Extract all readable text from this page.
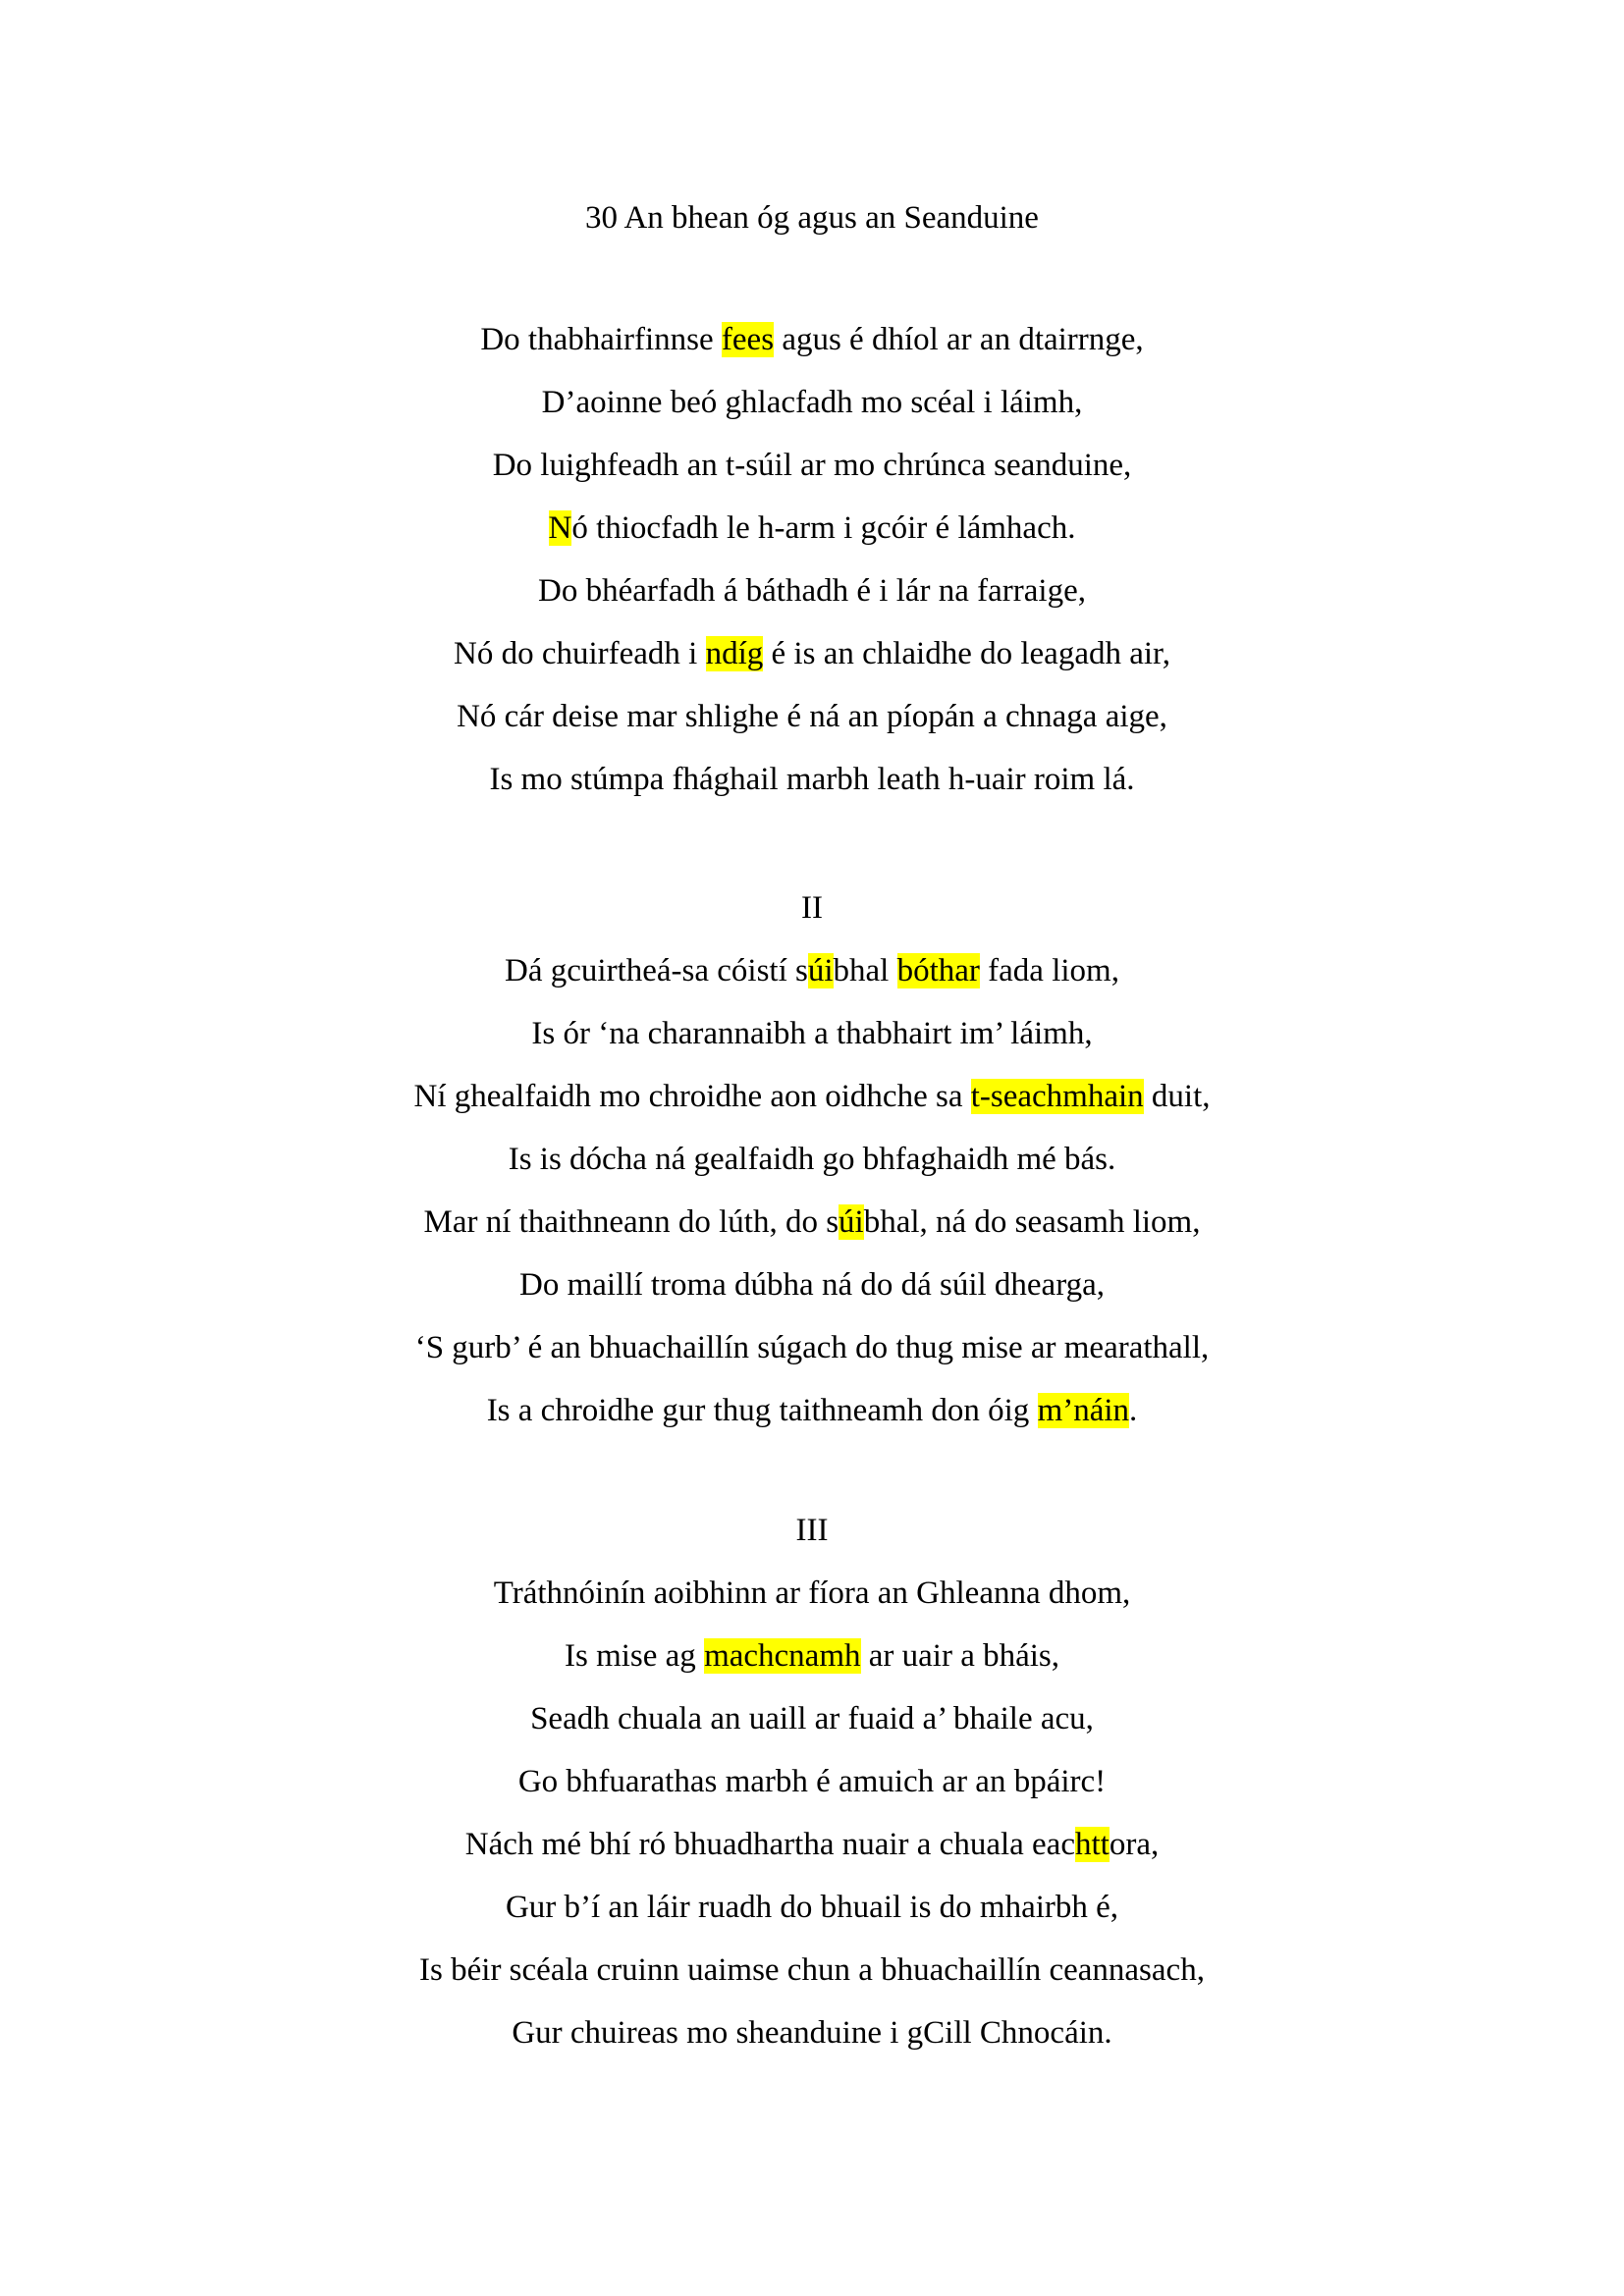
30 An bhean óg agus an Seanduine
Do thabhairfinnse fees agus é dhíol ar an dtairrnge,
D’aoinne beó ghlacfadh mo scéal i láimh,
Do luighfeadh an t-súil ar mo chrúnca seanduine,
Nó thiocfadh le h-arm i gcóir é lámhach.
Do bhéarfadh á báthadh é i lár na farraige,
Nó do chuirfeadh i ndíg é is an chlaidhe do leagadh air,
Nó cár deise mar shlighe é ná an píopán a chnaga aige,
Is mo stúmpa fhághail marbh leath h-uair roim lá.
II
Dá gcuirtheá-sa cóistí súibhal bóthar fada liom,
Is ór ‘na charannaibh a thabhairt im’ láimh,
Ní ghealfaidh mo chroidhe aon oidhche sa t-seachmhain duit,
Is is dócha ná gealfaidh go bhfaghaidh mé bás.
Mar ní thaithneann do lúth, do súibhal, ná do seasamh liom,
Do maillí troma dúbha ná do dá súil dhearga,
‘S gurb’ é an bhuachaillín súgach do thug mise ar mearathall,
Is a chroidhe gur thug taithneamh don óig m’náin.
III
Tráthnóinín aoibhinn ar fíora an Ghleanna dhom,
Is mise ag machcnamh ar uair a bháis,
Seadh chuala an uaill ar fuaid a’ bhaile acu,
Go bhfuarathas marbh é amuich ar an bpáirc!
Nách mé bhí ró bhuadhartha nuair a chuala eachttora,
Gur b’í an láir ruadh do bhuail is do mhairbh é,
Is béir scéala cruinn uaimse chun a bhuachaillín ceannasach,
Gur chuireas mo sheanduine i gCill Chnocáin.
